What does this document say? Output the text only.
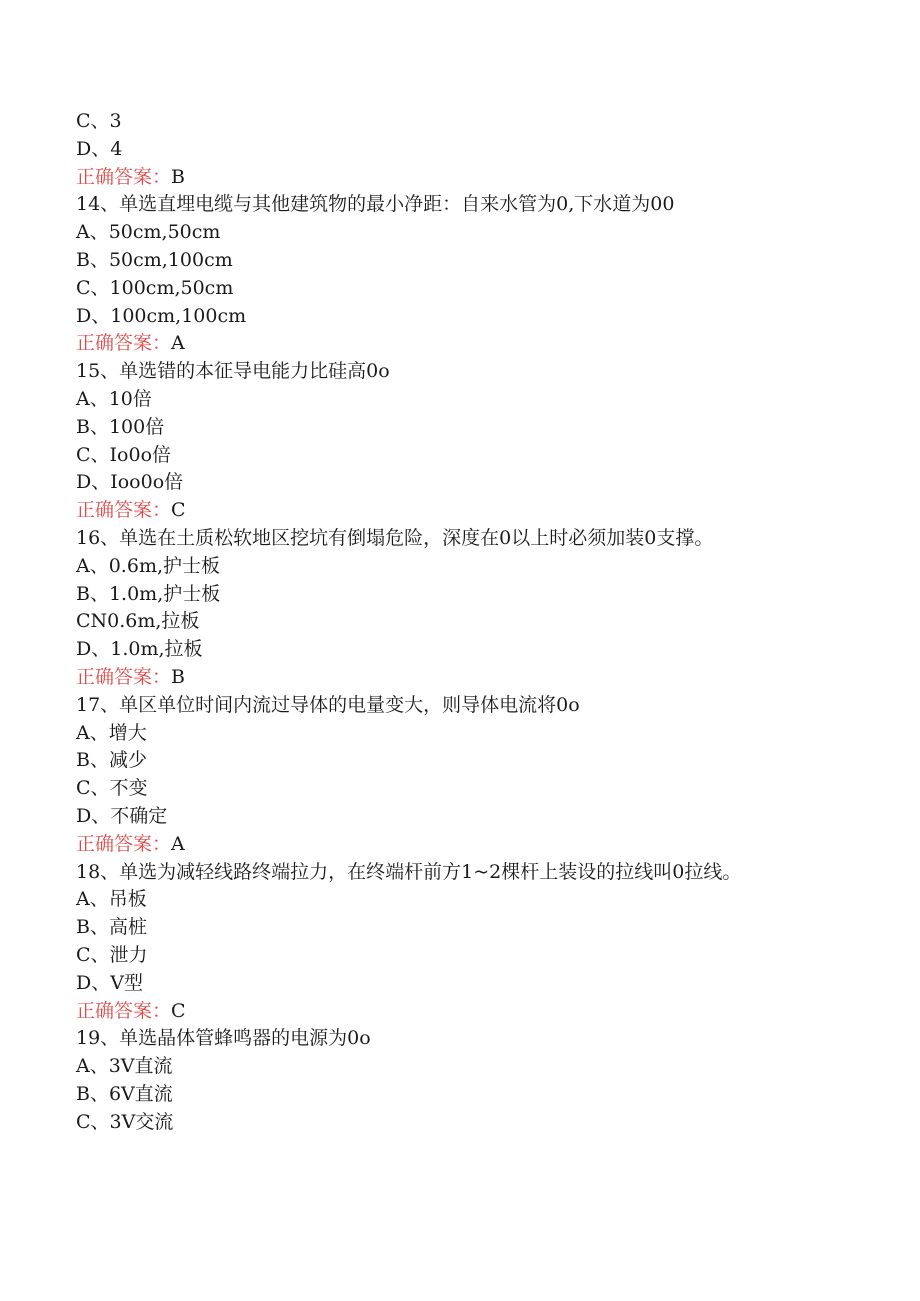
C、3
D、4
正确答案：B
14、单选直埋电缆与其他建筑物的最小净距：自来水管为0,下水道为00
A、50cm,50cm
B、50cm,100cm
C、100cm,50cm
D、100cm,100cm
正确答案：A
15、单选错的本征导电能力比硅高0o
A、10倍
B、100倍
C、Io0o倍
D、Ioo0o倍
正确答案：C
16、单选在土质松软地区挖坑有倒塌危险，深度在0以上时必须加装0支撑。
A、0.6m,护士板
B、1.0m,护士板
CN0.6m,拉板
D、1.0m,拉板
正确答案：B
17、单区单位时间内流过导体的电量变大，则导体电流将0o
A、增大
B、减少
C、不变
D、不确定
正确答案：A
18、单选为减轻线路终端拉力，在终端杆前方1~2棵杆上装设的拉线叫0拉线。
A、吊板
B、高桩
C、泄力
D、V型
正确答案：C
19、单选晶体管蜂鸣器的电源为0o
A、3V直流
B、6V直流
C、3V交流
